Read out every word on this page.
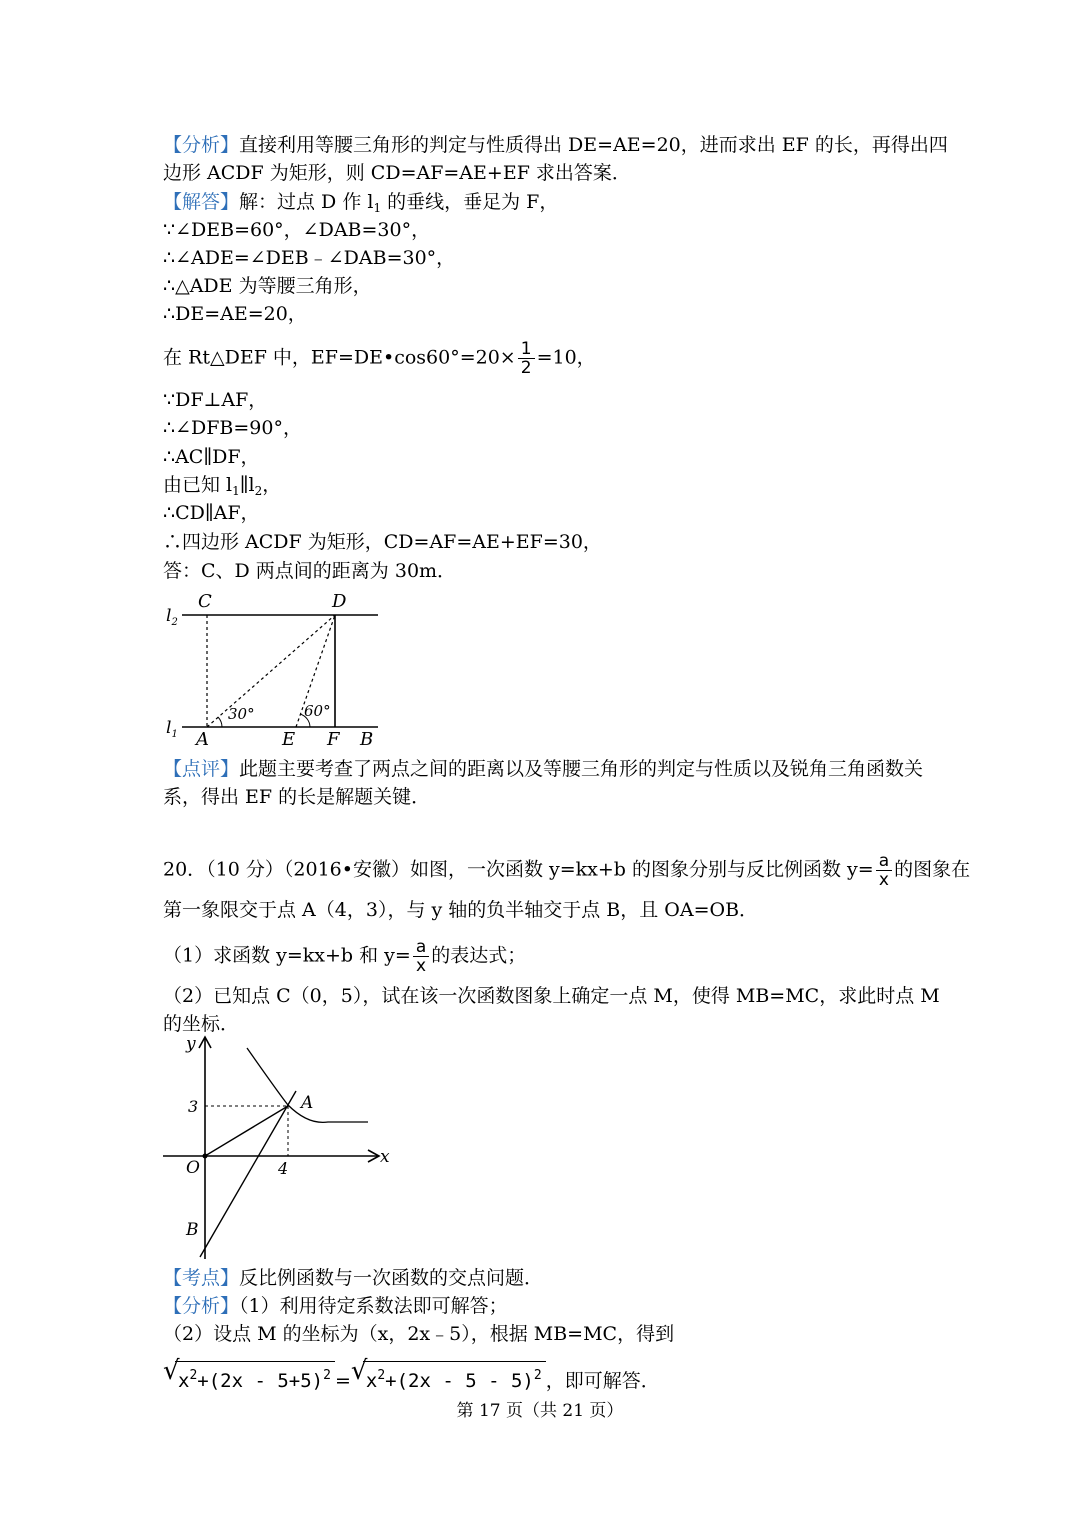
【分析】直接利用等腰三角形的判定与性质得出 DE=AE=20，进而求出 EF 的长，再得出四
边形 ACDF 为矩形，则 CD=AF=AE+EF 求出答案．
【解答】解：过点 D 作 $l_1$ 的垂线，垂足为 F，
∵∠DEB=60°，∠DAB=30°，
∴∠ADE=∠DEB﹣∠DAB=30°，
∴△ADE 为等腰三角形，
∴DE=AE=20，
在 Rt△DEF 中，EF=DE•cos60°=20× $\frac{1}{2} =10$，
∵DF⊥AF，
∴∠DFB=90°，
∴AC∥DF，
由已知 $l_1\parallel l_2$，
∴CD∥AF，
∴四边形 ACDF 为矩形，CD=AF=AE+EF=30，
答：C、D 两点间的距离为 30m．
C	D
$l_2$
$l_1$
30°	60°
A	E F B
【点评】此题主要考查了两点之间的距离以及等腰三角形的判定与性质以及锐角三角函数关
系，得出 EF 的长是解题关键．
20．（10 分）（2016•安徽）如图，一次函数 y=kx+b 的图象分别与反比例函数 $y= \frac{a}{x}$ 的图象在
第一象限交于点 A（4，3），与 y 轴的负半轴交于点 B，且 OA=OB．
（1）求函数 y=kx+b 和 $y= \frac{a}{x}$ 的表达式；
（2）已知点 C（0，5），试在该一次函数图象上确定一点 M，使得 MB=MC，求此时点 M
的坐标．
y
x
O
A
B
3
4
【考点】反比例函数与一次函数的交点问题．
【分析】（1）利用待定系数法即可解答；
（2）设点 M 的坐标为（x，2x﹣5），根据 MB=MC，得到
√
$x^2+(2x - 5+5)^2$ = √
$x^2+(2x - 5 - 5)^2$ ，即可解答．
第 17 页（共 21 页）
